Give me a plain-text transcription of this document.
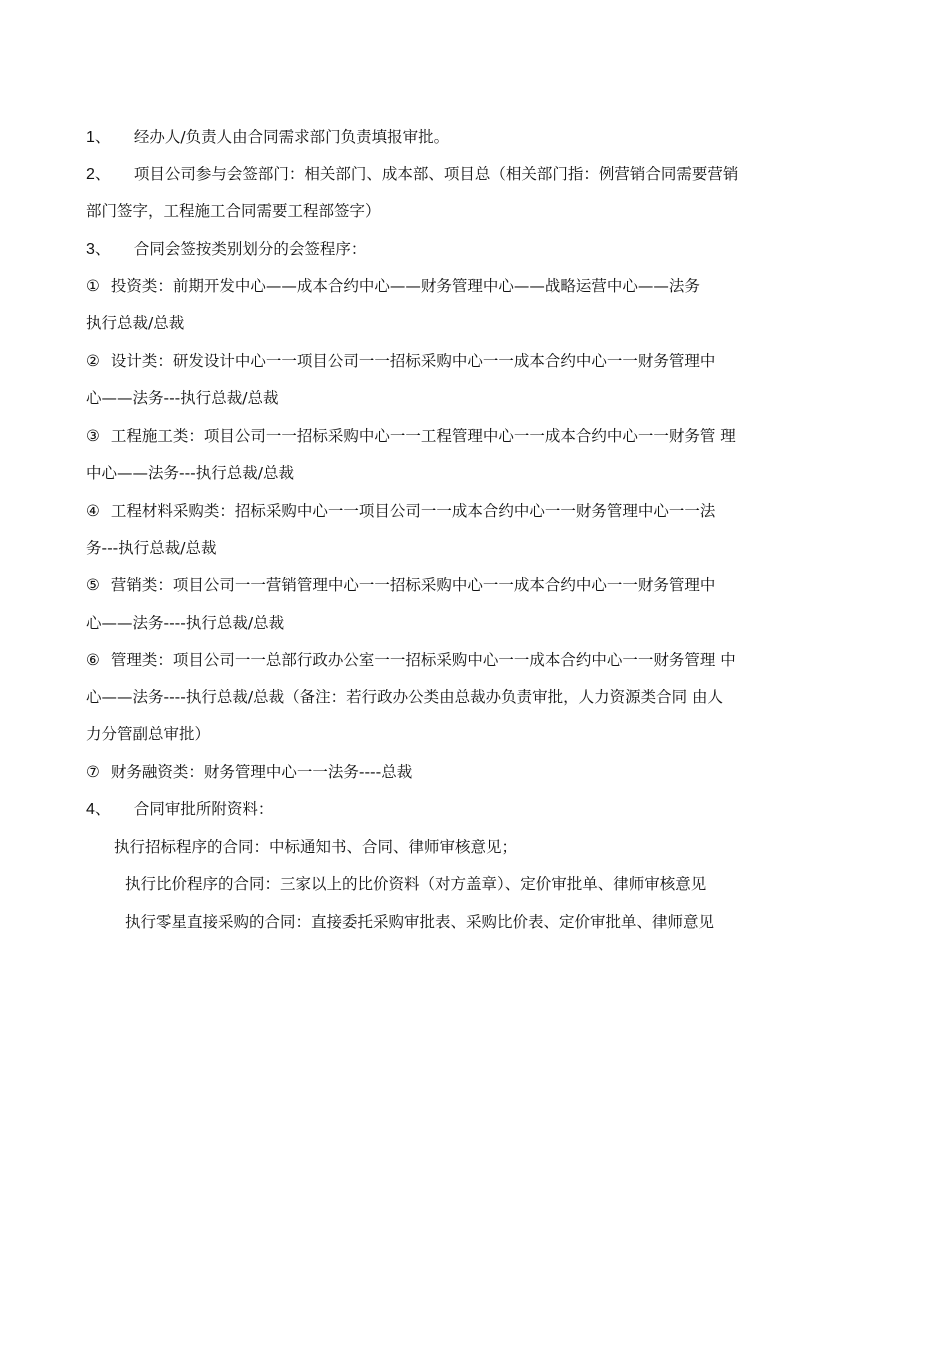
1、 经办人/负责人由合同需求部门负责填报审批。
2、 项目公司参与会签部门：相关部门、成本部、项目总（相关部门指：例营销合同需要营销
部门签字，工程施工合同需要工程部签字）
3、 合同会签按类别划分的会签程序：
① 投资类：前期开发中心——成本合约中心——财务管理中心——战略运营中心——法务
执行总裁/总裁
② 设计类：研发设计中心一一项目公司一一招标采购中心一一成本合约中心一一财务管理中
心——法务---执行总裁/总裁
③ 工程施工类：项目公司一一招标采购中心一一工程管理中心一一成本合约中心一一财务管 理
中心——法务---执行总裁/总裁
④ 工程材料采购类：招标采购中心一一项目公司一一成本合约中心一一财务管理中心一一法
务---执行总裁/总裁
⑤ 营销类：项目公司一一营销管理中心一一招标采购中心一一成本合约中心一一财务管理中
心——法务----执行总裁/总裁
⑥ 管理类：项目公司一一总部行政办公室一一招标采购中心一一成本合约中心一一财务管理 中
心——法务----执行总裁/总裁（备注：若行政办公类由总裁办负责审批，人力资源类合同 由人
力分管副总审批）
⑦ 财务融资类：财务管理中心一一法务----总裁
4、 合同审批所附资料：
执行招标程序的合同：中标通知书、合同、律师审核意见；
执行比价程序的合同：三家以上的比价资料（对方盖章）、定价审批单、律师审核意见
执行零星直接采购的合同：直接委托采购审批表、采购比价表、定价审批单、律师意见
